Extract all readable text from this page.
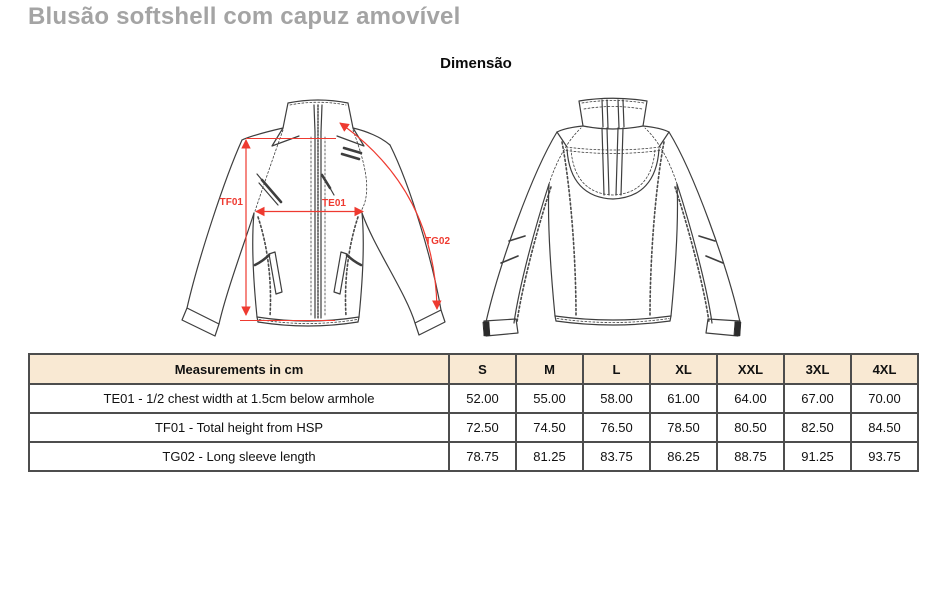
Blusão softshell com capuz amovível
Dimensão
TF01	TE01
TG02
Measurements in cm	S	M	L	XL	XXL	3XL	4XL
TE01 - 1/2 chest width at 1.5cm below armhole	52.00	55.00	58.00	61.00	64.00	67.00	70.00
TF01 - Total height from HSP	72.50	74.50	76.50	78.50	80.50	82.50	84.50
TG02 - Long sleeve length	78.75	81.25	83.75	86.25	88.75	91.25	93.75
